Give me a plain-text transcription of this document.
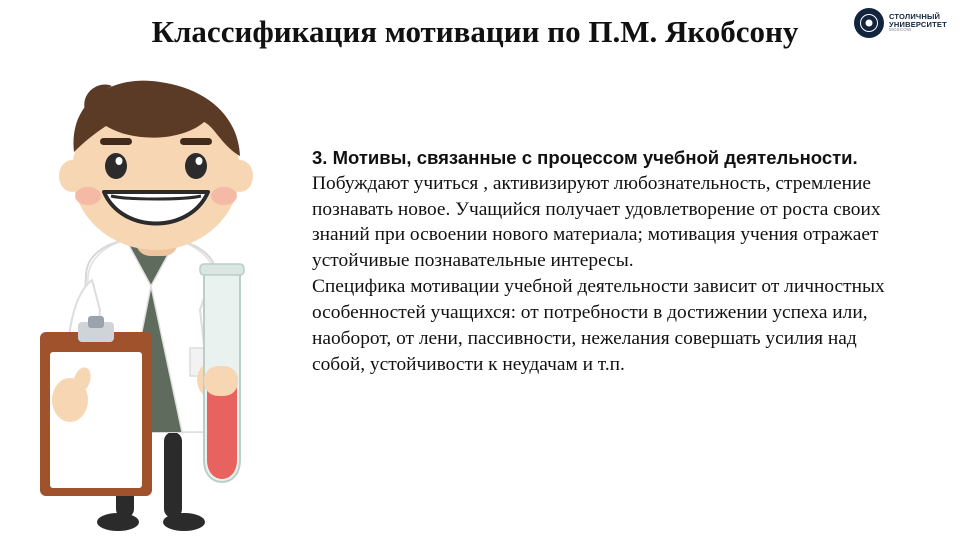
СТОЛИЧНЫЙ
УНИВЕРСИТЕТ
MOSCOW
Классификация мотивации по П.М. Якобсону
3. Мотивы, связанные с процессом учебной деятельности.

Побуждают учиться , активизируют любознательность, стремление познавать новое. Учащийся получает удовлетворение от роста своих знаний при освоении нового материала; мотивация учения отражает устойчивые познавательные интересы.

Специфика мотивации учебной деятельности зависит от личностных особенностей учащихся: от потребности в достижении успеха или, наоборот, от лени, пассивности, нежелания совершать усилия над собой, устойчивости к неудачам и т.п.
